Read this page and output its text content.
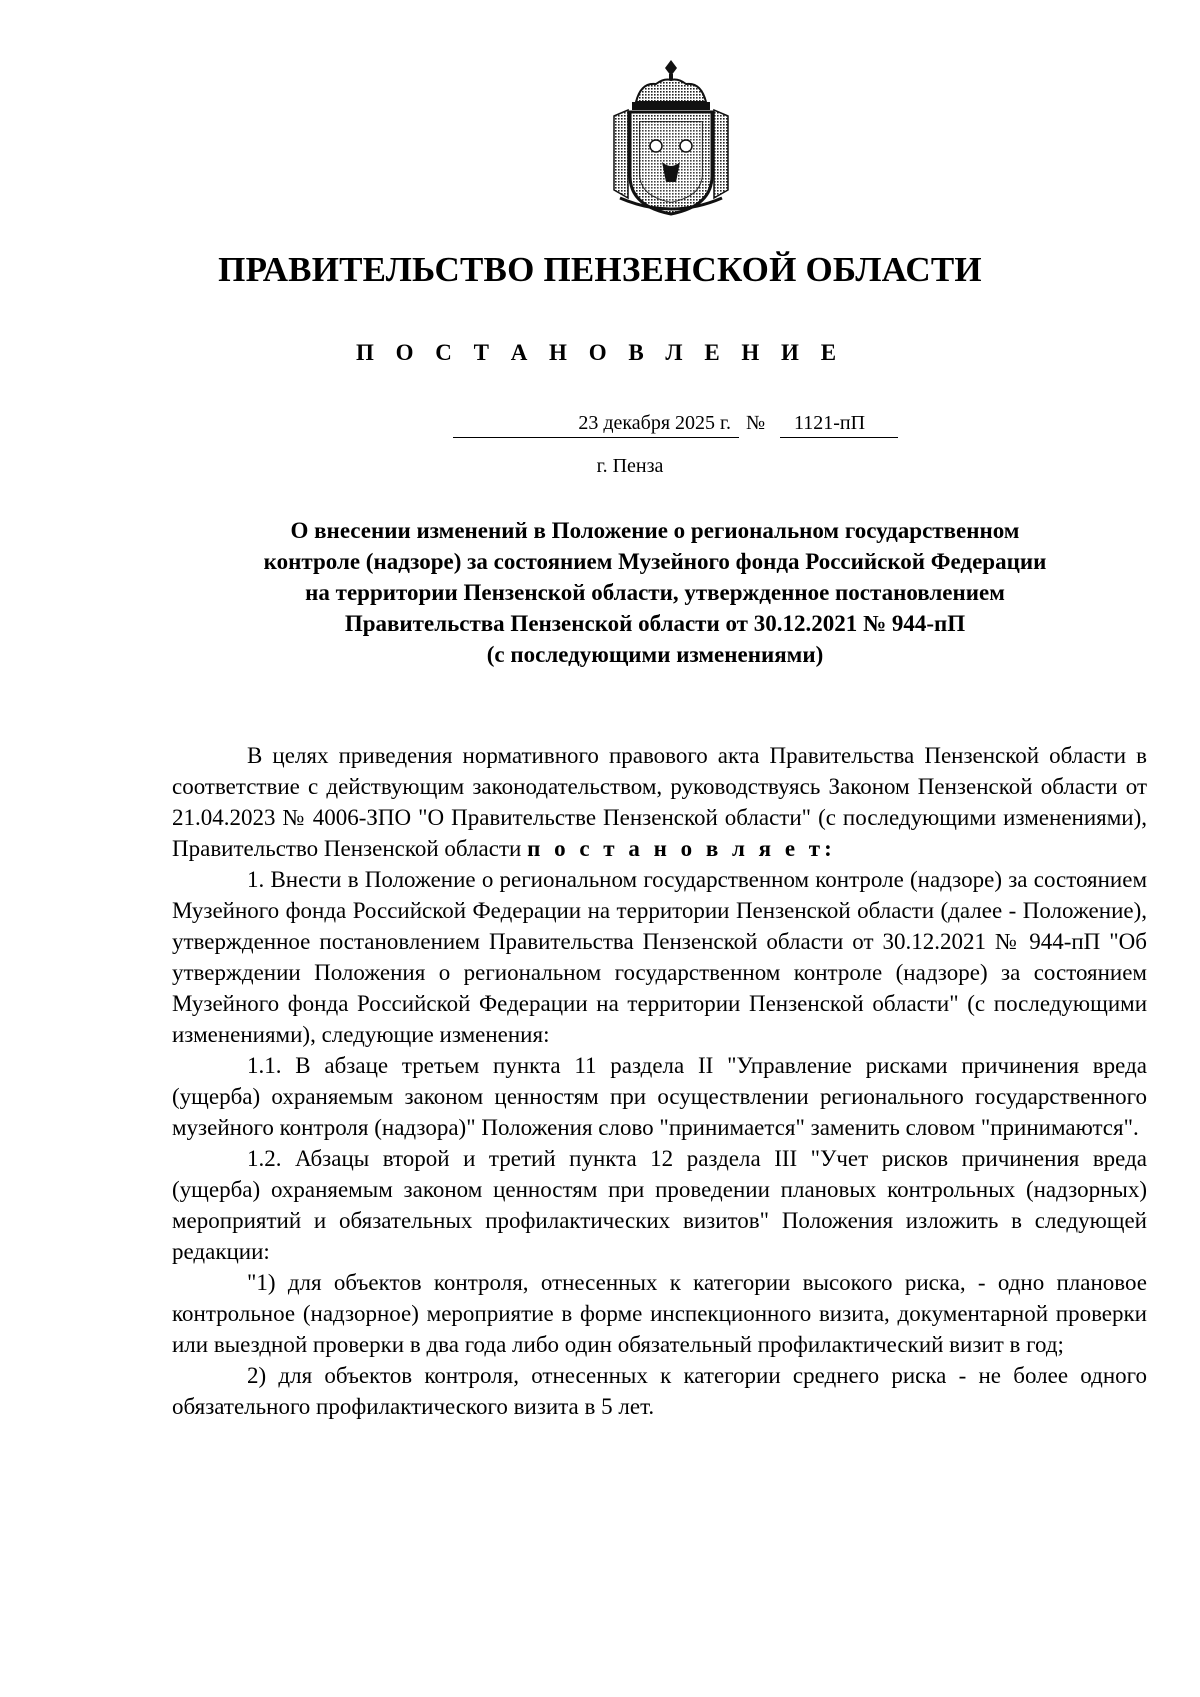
ПРАВИТЕЛЬСТВО ПЕНЗЕНСКОЙ ОБЛАСТИ
П О С Т А Н О В Л Е Н И Е
23 декабря 2025 г. №	1121-пП
г. Пенза
О внесении изменений в Положение о региональном государственном
контроле (надзоре) за состоянием Музейного фонда Российской Федерации
на территории Пензенской области, утвержденное постановлением
Правительства Пензенской области от 30.12.2021 № 944-пП
(с последующими изменениями)

В целях приведения нормативного правового акта Правительства Пензенской области в соответствие с действующим законодательством, руководствуясь Законом Пензенской области от 21.04.2023 № 4006-ЗПО "О Правительстве Пензенской области" (с последующими изменениями), Правительство Пензенской области п о с т а н о в л я е т:

1. Внести в Положение о региональном государственном контроле (надзоре) за состоянием Музейного фонда Российской Федерации на территории Пензенской области (далее - Положение), утвержденное постановлением Правительства Пензенской области от 30.12.2021 № 944-пП "Об утверждении Положения о региональном государственном контроле (надзоре) за состоянием Музейного фонда Российской Федерации на территории Пензенской области" (с последующими изменениями), следующие изменения:

1.1. В абзаце третьем пункта 11 раздела II "Управление рисками причинения вреда (ущерба) охраняемым законом ценностям при осуществлении регионального государственного музейного контроля (надзора)" Положения слово "принимается" заменить словом "принимаются".

1.2. Абзацы второй и третий пункта 12 раздела III "Учет рисков причинения вреда (ущерба) охраняемым законом ценностям при проведении плановых контрольных (надзорных) мероприятий и обязательных профилактических визитов" Положения изложить в следующей редакции:

"1) для объектов контроля, отнесенных к категории высокого риска, - одно плановое контрольное (надзорное) мероприятие в форме инспекционного визита, документарной проверки или выездной проверки в два года либо один обязательный профилактический визит в год;

2) для объектов контроля, отнесенных к категории среднего риска - не более одного обязательного профилактического визита в 5 лет.
